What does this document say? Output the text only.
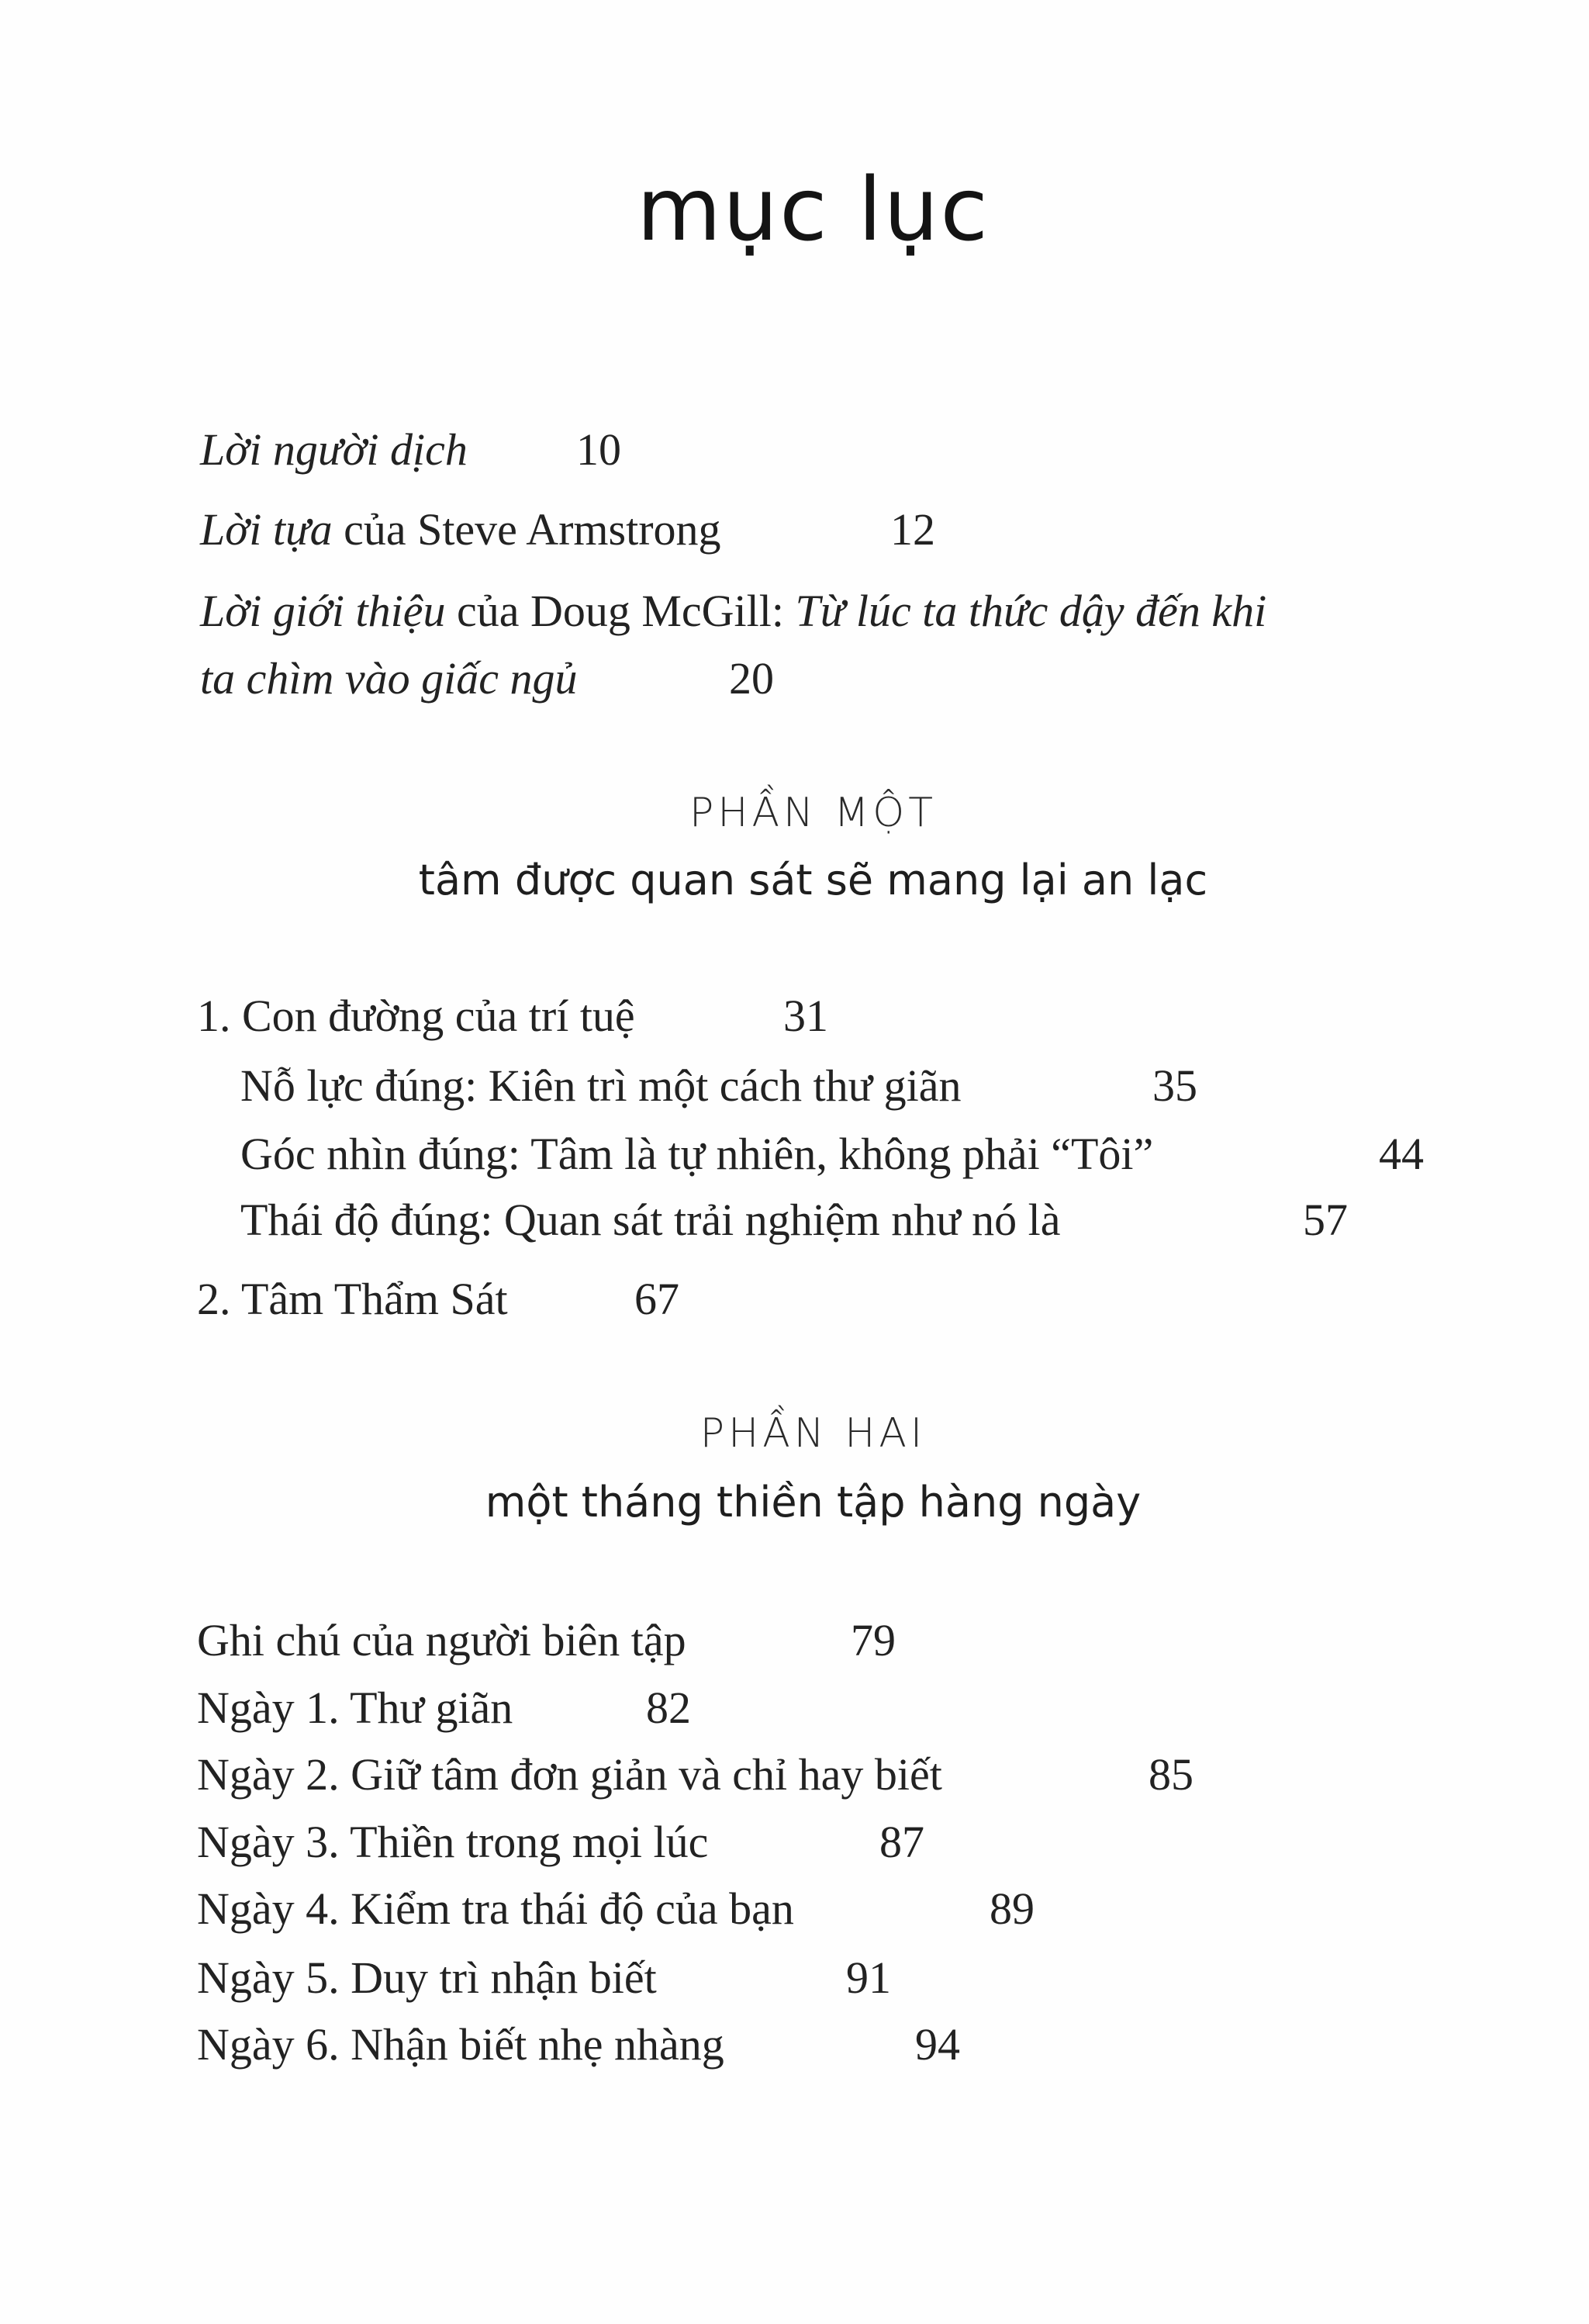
mục lục
Lời người dịch 10
Lời tựa của Steve Armstrong	12
Lời giới thiệu của Doug McGill: Từ lúc ta thức dậy đến khi
ta chìm vào giấc ngủ	20
PHẦN MỘT
tâm được quan sát sẽ mang lại an lạc
1. Con đường của trí tuệ	31
Nỗ lực đúng: Kiên trì một cách thư giãn	35
Góc nhìn đúng: Tâm là tự nhiên, không phải “Tôi”	44
Thái độ đúng: Quan sát trải nghiệm như nó là	57
2. Tâm Thẩm Sát	67
PHẦN HAI
một tháng thiền tập hàng ngày
Ghi chú của người biên tập	79
Ngày 1. Thư giãn	82
Ngày 2. Giữ tâm đơn giản và chỉ hay biết	85
Ngày 3. Thiền trong mọi lúc	87
Ngày 4. Kiểm tra thái độ của bạn	89
Ngày 5. Duy trì nhận biết	91
Ngày 6. Nhận biết nhẹ nhàng	94
